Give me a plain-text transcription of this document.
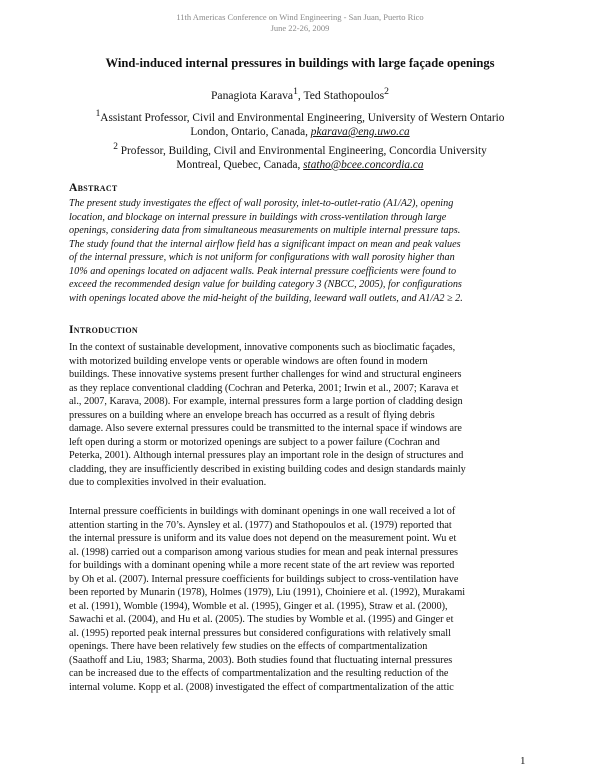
11th Americas Conference on Wind Engineering - San Juan, Puerto Rico
June 22-26, 2009
Wind-induced internal pressures in buildings with large façade openings
Panagiota Karava$^1$, Ted Stathopoulos$^2$
$^1$Assistant Professor, Civil and Environmental Engineering, University of Western Ontario
London, Ontario, Canada, pkarava@eng.uwo.ca
$^2$ Professor, Building, Civil and Environmental Engineering, Concordia University
Montreal, Quebec, Canada, statho@bcee.concordia.ca
Abstract
The present study investigates the effect of wall porosity, inlet-to-outlet-ratio (A1/A2), opening
location, and blockage on internal pressure in buildings with cross-ventilation through large
openings, considering data from simultaneous measurements on multiple internal pressure taps.
The study found that the internal airflow field has a significant impact on mean and peak values
of the internal pressure, which is not uniform for configurations with wall porosity higher than
10% and openings located on adjacent walls. Peak internal pressure coefficients were found to
exceed the recommended design value for building category 3 (NBCC, 2005), for configurations
with openings located above the mid-height of the building, leeward wall outlets, and A1/A2 ≥ 2.
Introduction
In the context of sustainable development, innovative components such as bioclimatic façades,
with motorized building envelope vents or operable windows are often found in modern
buildings. These innovative systems present further challenges for wind and structural engineers
as they replace conventional cladding (Cochran and Peterka, 2001; Irwin et al., 2007; Karava et
al., 2007, Karava, 2008). For example, internal pressures form a large portion of cladding design
pressures on a building where an envelope breach has occurred as a result of flying debris
damage. Also severe external pressures could be transmitted to the internal space if windows are
left open during a storm or motorized openings are subject to a power failure (Cochran and
Peterka, 2001). Although internal pressures play an important role in the design of structures and
cladding, they are insufficiently described in existing building codes and design standards mainly
due to complexities involved in their evaluation.
Internal pressure coefficients in buildings with dominant openings in one wall received a lot of
attention starting in the 70’s. Aynsley et al. (1977) and Stathopoulos et al. (1979) reported that
the internal pressure is uniform and its value does not depend on the measurement point. Wu et
al. (1998) carried out a comparison among various studies for mean and peak internal pressures
for buildings with a dominant opening while a more recent state of the art review was reported
by Oh et al. (2007). Internal pressure coefficients for buildings subject to cross-ventilation have
been reported by Munarin (1978), Holmes (1979), Liu (1991), Choiniere et al. (1992), Murakami
et al. (1991), Womble (1994), Womble et al. (1995), Ginger et al. (1995), Straw et al. (2000),
Sawachi et al. (2004), and Hu et al. (2005). The studies by Womble et al. (1995) and Ginger et
al. (1995) reported peak internal pressures but considered configurations with relatively small
openings. There have been relatively few studies on the effects of compartmentalization
(Saathoff and Liu, 1983; Sharma, 2003). Both studies found that fluctuating internal pressures
can be increased due to the effects of compartmentalization and the resulting reduction of the
internal volume. Kopp et al. (2008) investigated the effect of compartmentalization of the attic
1
